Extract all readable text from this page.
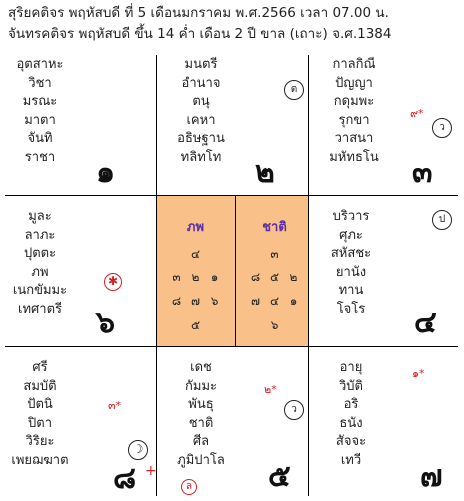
สุริยคติจร พฤหัสบดี ที่ 5 เดือนมกราคม พ.ศ.2566 เวลา 07.00 น.
จันทรคติจร พฤหัสบดี ขึ้น 14 ค่ำ เดือน 2 ปี ขาล (เถาะ) จ.ศ.1384
อุตสาหะ
วิชา
มรณะ
มาตา
จันทิ
ราชา	๑
มนตรี
อำนาจ
ตนุ
เคหา
อธิษฐาน
ทลิทโท
ต
๒
กาลกิณี
ปัญญา
กดุมพะ
รุกขา
วาสนา
มหัทธโน
๙*
ว
๓
มูละ
ลาภะ
ปุตตะ
ภพ
เนกขัมมะ
เทศาตรี
✱
๖
ภพ
๔
๓ ๒ ๑
๘ ๗ ๖
๕
ชาติ
๓
๘ ๕ ๒
๗ ๔ ๑
๖
บริวาร
ศุภะ
สหัสชะ
ยานัง
ทาน
โจโร
ป
๔
ศรี
สมบัติ
ปัตนิ
ปิตา
วิริยะ
เพยฌฆาต
๓*
☽
๘ +
เดช
กัมมะ
พันธุ
ชาติ
ศีล
ภูมิปาโล
๒*
ว
ล	๕
อายุ
วิบัติ
อริ
ธนัง
สัจจะ
เทวี
๑*
๗
